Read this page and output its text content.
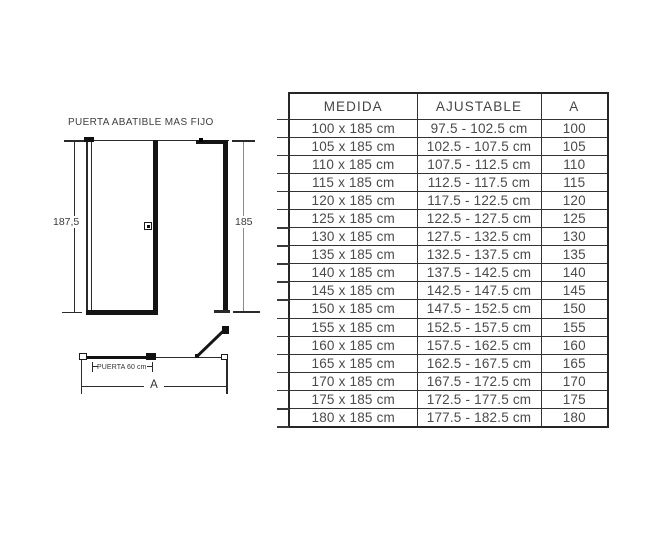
PUERTA ABATIBLE MAS FIJO
187,5	185
PUERTA 60 cm
A
MEDIDA	AJUSTABLE	A
100 x 185 cm	97.5 - 102.5 cm	100
105 x 185 cm	102.5 - 107.5 cm	105
110 x 185 cm	107.5 - 112.5 cm	110
115 x 185 cm	112.5 - 117.5 cm	115
120 x 185 cm	117.5 - 122.5 cm	120
125 x 185 cm	122.5 - 127.5 cm	125
130 x 185 cm	127.5 - 132.5 cm	130
135 x 185 cm	132.5 - 137.5 cm	135
140 x 185 cm	137.5 - 142.5 cm	140
145 x 185 cm	142.5 - 147.5 cm	145
150 x 185 cm	147.5 - 152.5 cm	150
155 x 185 cm	152.5 - 157.5 cm	155
160 x 185 cm	157.5 - 162.5 cm	160
165 x 185 cm	162.5 - 167.5 cm	165
170 x 185 cm	167.5 - 172.5 cm	170
175 x 185 cm	172.5 - 177.5 cm	175
180 x 185 cm	177.5 - 182.5 cm	180
